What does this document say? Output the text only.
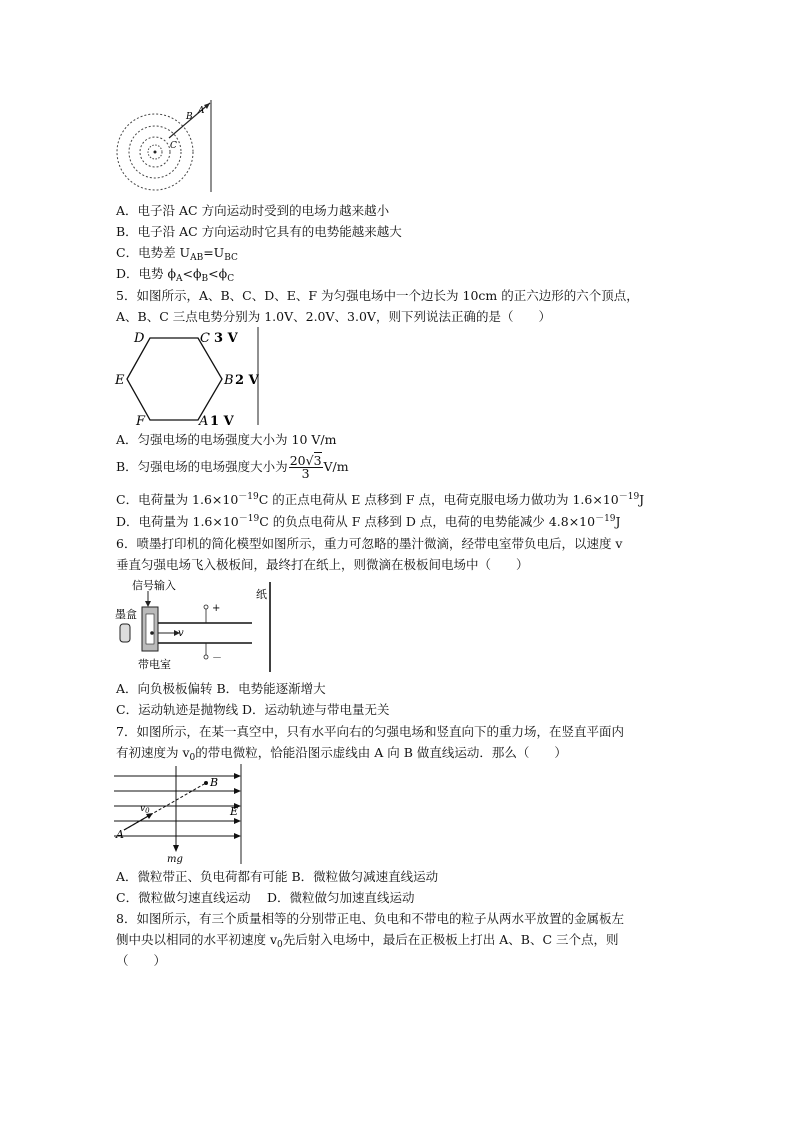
A
B
C
A．电子沿 AC 方向运动时受到的电场力越来越小
B．电子沿 AC 方向运动时它具有的电势能越来越大
C．电势差 $U_{AB}=U_{BC}$
D．电势 $\phi_A<\phi_B<\phi_C$
5．如图所示，A、B、C、D、E、F 为匀强电场中一个边长为 10cm 的正六边形的六个顶点，
A、B、C 三点电势分别为 1.0V、2.0V、3.0V，则下列说法正确的是（　　）
D	C 3 V
E	B 2 V
F	A 1 V
A．匀强电场的电场强度大小为 10 V/m
B．匀强电场的电场强度大小为 $\frac{20√3}{3} V/m$
C．电荷量为 $1.6\times 10^{-19}C$ 的正点电荷从 E 点移到 F 点，电荷克服电场力做功为 $1.6\times 10^{-19}J$
D．电荷量为 $1.6\times 10^{-19}C$ 的负点电荷从 F 点移到 D 点，电荷的电势能减少 $4.8\times 10^{-19}J$
6．喷墨打印机的简化模型如图所示，重力可忽略的墨汁微滴，经带电室带负电后，以速度 v
垂直匀强电场飞入极板间，最终打在纸上，则微滴在极板间电场中（　　）
信号输入
墨盒
v
+
－
纸
带电室
A．向负极板偏转 B．电势能逐渐增大
C．运动轨迹是抛物线 D．运动轨迹与带电量无关
7．如图所示，在某一真空中，只有水平向右的匀强电场和竖直向下的重力场，在竖直平面内
有初速度为 $v_0$的带电微粒，恰能沿图示虚线由 A 向 B 做直线运动．那么（　　）
E
mg
B
$v_0$
A
A．微粒带正、负电荷都有可能 B．微粒做匀减速直线运动
C．微粒做匀速直线运动　 D．微粒做匀加速直线运动
8．如图所示，有三个质量相等的分别带正电、负电和不带电的粒子从两水平放置的金属板左
侧中央以相同的水平初速度 $v_0$先后射入电场中，最后在正极板上打出 A、B、C 三个点，则
（　　）
